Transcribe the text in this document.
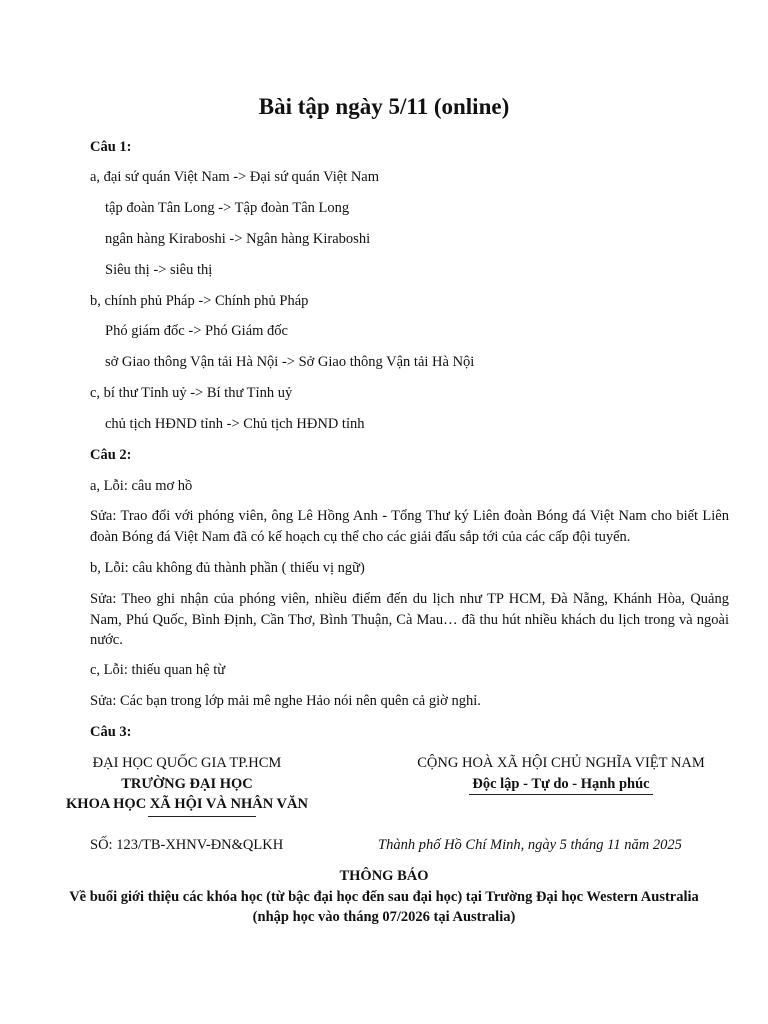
Bài tập ngày 5/11 (online)
Câu 1:
a, đại sứ quán Việt Nam -> Đại sứ quán Việt Nam
tập đoàn Tân Long -> Tập đoàn Tân Long
ngân hàng Kiraboshi -> Ngân hàng Kiraboshi
Siêu thị -> siêu thị
b, chính phủ Pháp -> Chính phủ Pháp
Phó giám đốc -> Phó Giám đốc
sở Giao thông Vận tải Hà Nội -> Sở Giao thông Vận tải Hà Nội
c, bí thư Tỉnh uỷ -> Bí thư Tỉnh uỷ
chủ tịch HĐND tỉnh -> Chủ tịch HĐND tỉnh
Câu 2:
a, Lỗi: câu mơ hồ
Sửa: Trao đổi với phóng viên, ông Lê Hồng Anh - Tổng Thư ký Liên đoàn Bóng đá Việt Nam cho biết Liên đoàn Bóng đá Việt Nam đã có kế hoạch cụ thể cho các giải đấu sắp tới của các cấp đội tuyển.
b, Lỗi: câu không đủ thành phần ( thiếu vị ngữ)
Sửa: Theo ghi nhận của phóng viên, nhiều điểm đến du lịch như TP HCM, Đà Nẵng, Khánh Hòa, Quảng Nam, Phú Quốc, Bình Định, Cần Thơ, Bình Thuận, Cà Mau… đã thu hút nhiều khách du lịch trong và ngoài nước.
c, Lỗi: thiếu quan hệ từ
Sửa: Các bạn trong lớp mải mê nghe Hảo nói nên quên cả giờ nghỉ.
Câu 3:
ĐẠI HỌC QUỐC GIA TP.HCM
TRƯỜNG ĐẠI HỌC
KHOA HỌC XÃ HỘI VÀ NHÂN VĂN
CỘNG HOÀ XÃ HỘI CHỦ NGHĨA VIỆT NAM
Độc lập - Tự do - Hạnh phúc
SỐ: 123/TB-XHNV-ĐN&QLKH	Thành phố Hồ Chí Minh, ngày 5 tháng 11 năm 2025
THÔNG BÁO
Về buổi giới thiệu các khóa học (từ bậc đại học đến sau đại học) tại Trường Đại học Western Australia
(nhập học vào tháng 07/2026 tại Australia)
